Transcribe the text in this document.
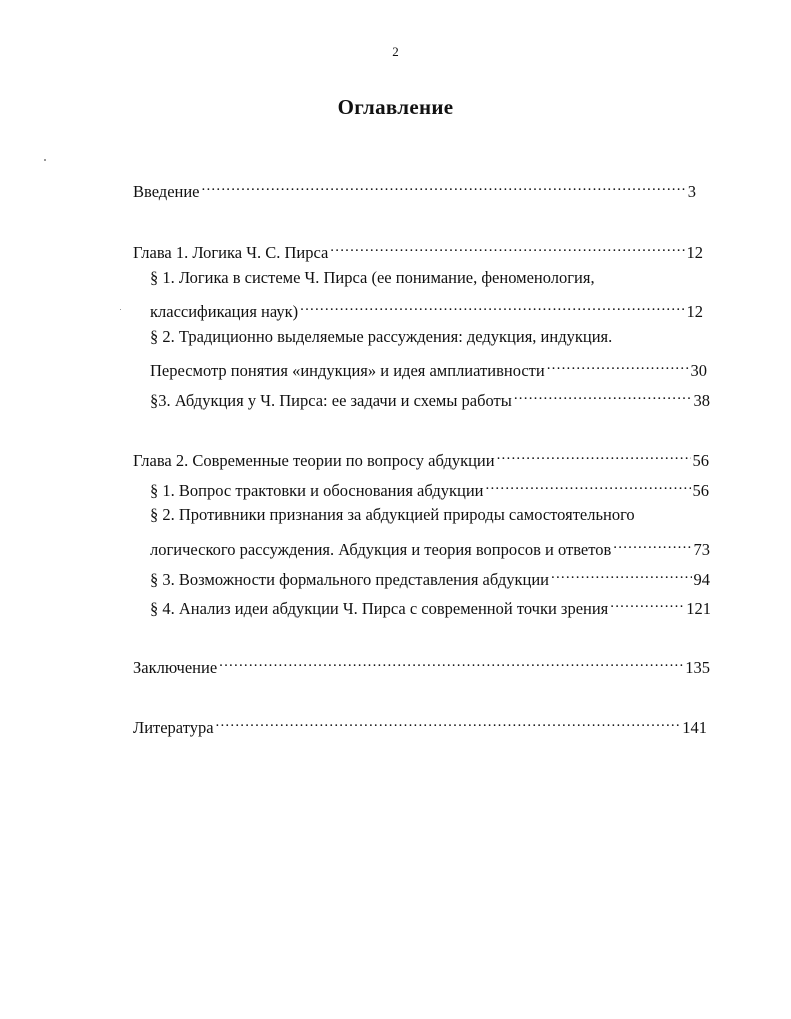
2
Оглавление
Введение .....	3
Глава 1. Логика Ч. С. Пирса .....	12
§ 1. Логика в системе Ч. Пирса (ее понимание, феноменология,
классификация наук) .....	12
§ 2. Традиционно выделяемые рассуждения: дедукция, индукция.
Пересмотр понятия «индукция» и идея амплиативности .....	30
§3. Абдукция у Ч. Пирса: ее задачи и схемы работы .....	38
Глава 2. Современные теории по вопросу абдукции .....	56
§ 1. Вопрос трактовки и обоснования абдукции .....	56
§ 2. Противники признания за абдукцией природы самостоятельного
логического рассуждения. Абдукция и теория вопросов и ответов .....	73
§ 3. Возможности формального представления абдукции .....	94
§ 4. Анализ идеи абдукции Ч. Пирса с современной точки зрения .....	121
Заключение .....	135
Литература .....	141
